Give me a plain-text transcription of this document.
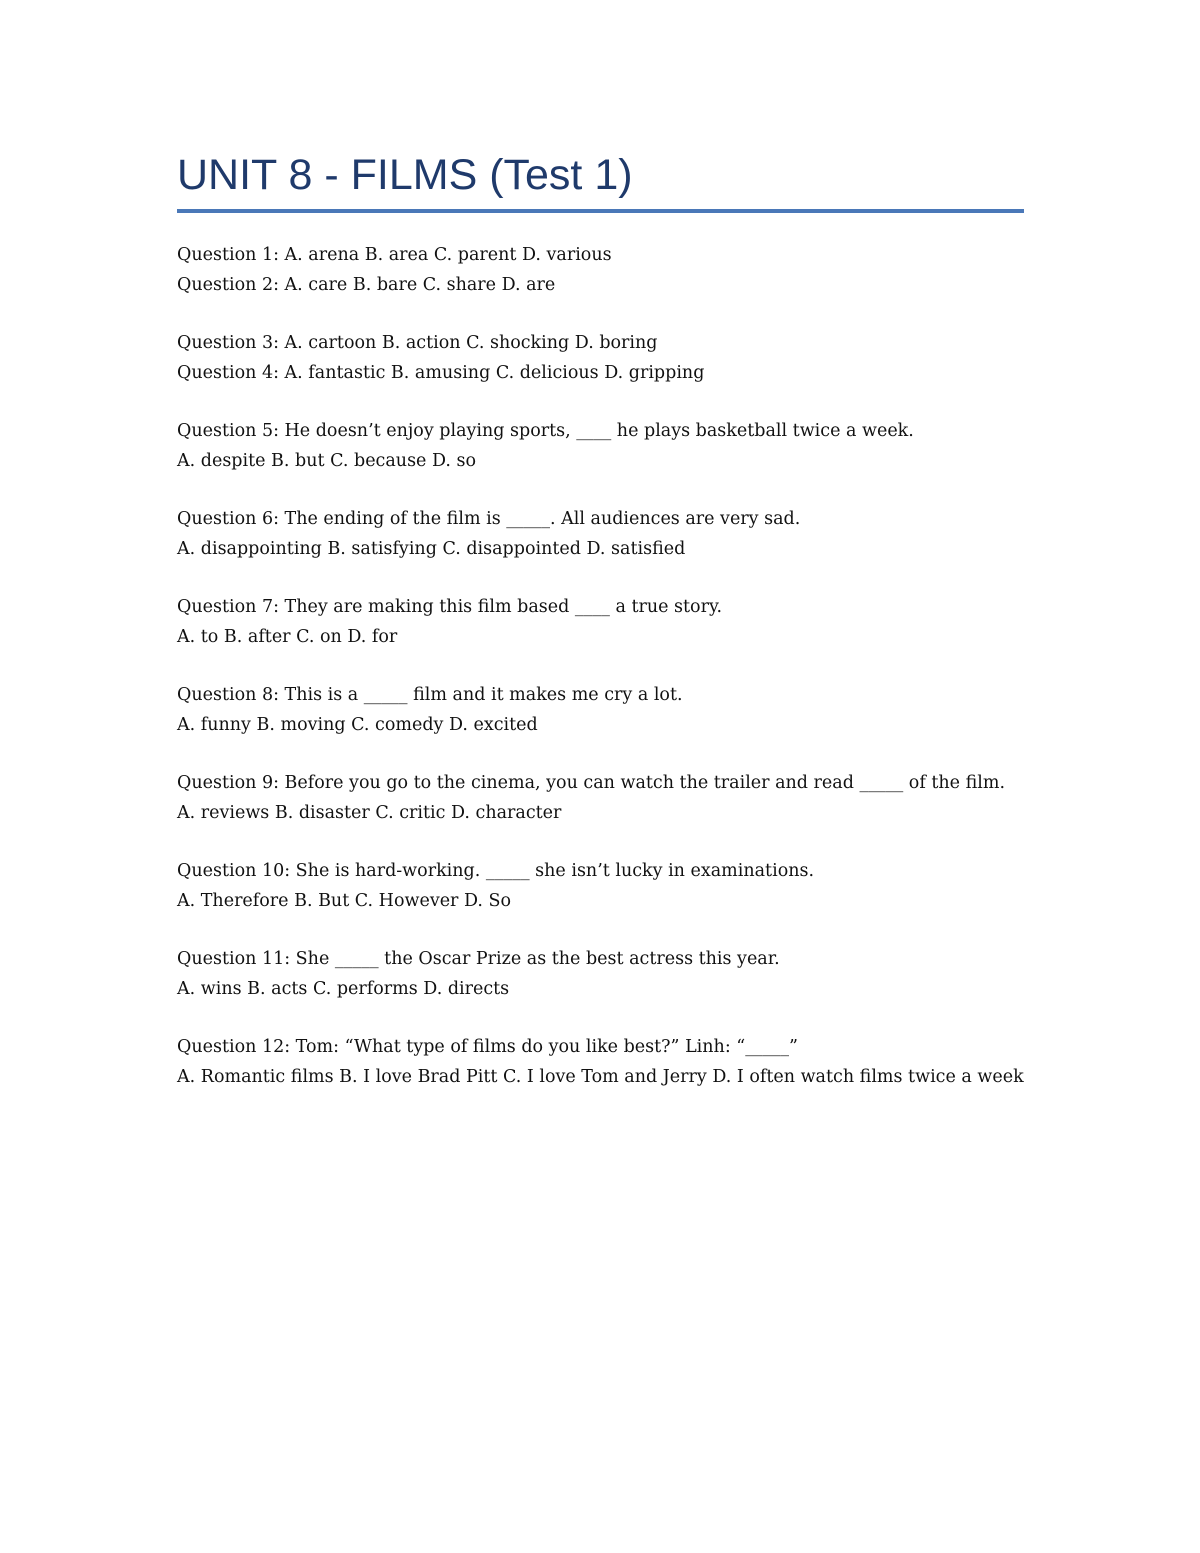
UNIT 8 - FILMS (Test 1)

Question 1: A. arena B. area C. parent D. various

Question 2: A. care B. bare C. share D. are

Question 3: A. cartoon B. action C. shocking D. boring

Question 4: A. fantastic B. amusing C. delicious D. gripping

Question 5: He doesn’t enjoy playing sports, ____ he plays basketball twice a week.

A. despite B. but C. because D. so

Question 6: The ending of the film is _____. All audiences are very sad.

A. disappointing B. satisfying C. disappointed D. satisfied

Question 7: They are making this film based ____ a true story.

A. to B. after C. on D. for

Question 8: This is a _____ film and it makes me cry a lot.

A. funny B. moving C. comedy D. excited

Question 9: Before you go to the cinema, you can watch the trailer and read _____ of the film.

A. reviews B. disaster C. critic D. character

Question 10: She is hard-working. _____ she isn’t lucky in examinations.

A. Therefore B. But C. However D. So

Question 11: She _____ the Oscar Prize as the best actress this year.

A. wins B. acts C. performs D. directs

Question 12: Tom: “What type of films do you like best?” Linh: “_____”

A. Romantic films B. I love Brad Pitt C. I love Tom and Jerry D. I often watch films twice a week
